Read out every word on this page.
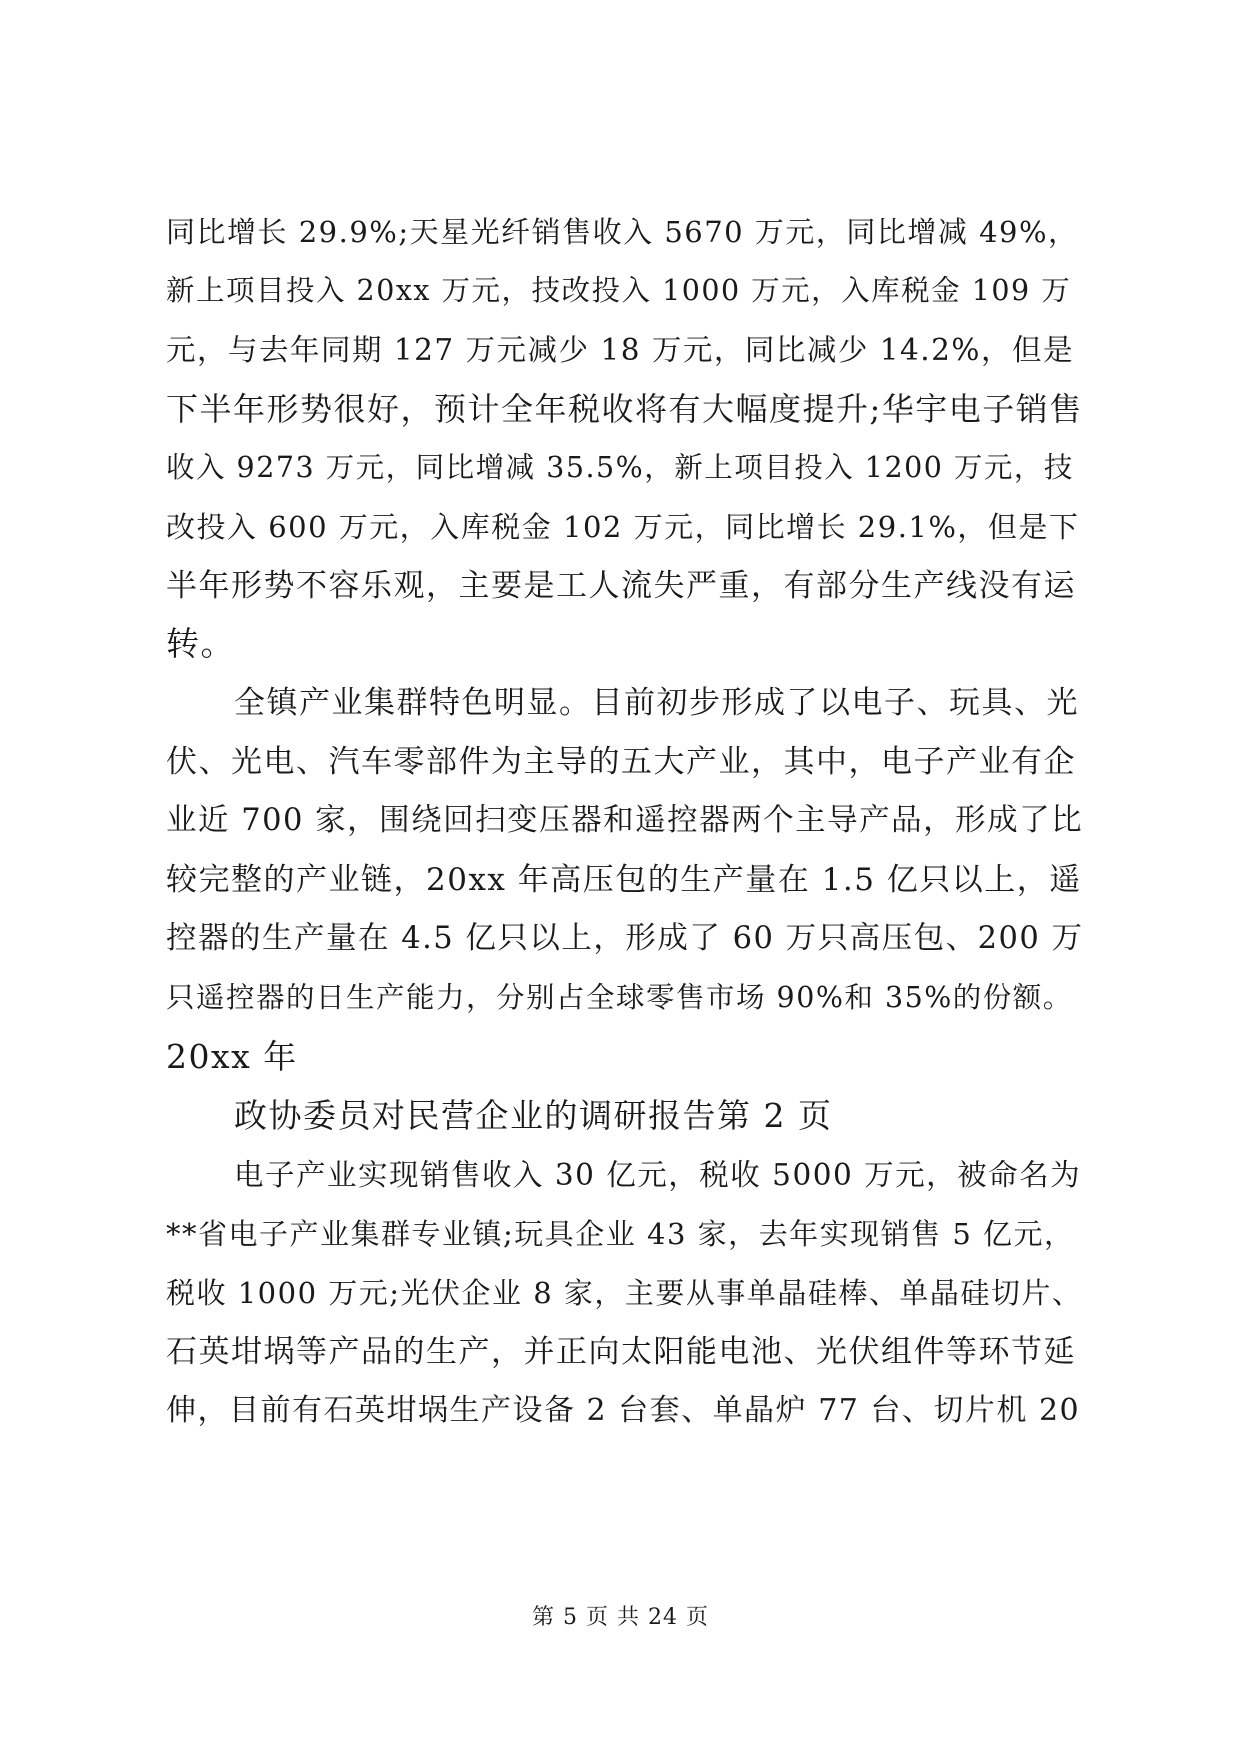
同比增长 29.9%;天星光纤销售收入 5670 万元，同比增减 49%，
新上项目投入 20xx 万元，技改投入 1000 万元，入库税金 109 万
元，与去年同期 127 万元减少 18 万元，同比减少 14.2%，但是
下半年形势很好，预计全年税收将有大幅度提升;华宇电子销售
收入 9273 万元，同比增减 35.5%，新上项目投入 1200 万元，技
改投入 600 万元，入库税金 102 万元，同比增长 29.1%，但是下
半年形势不容乐观，主要是工人流失严重，有部分生产线没有运
转。
全镇产业集群特色明显。目前初步形成了以电子、玩具、光
伏、光电、汽车零部件为主导的五大产业，其中，电子产业有企
业近 700 家，围绕回扫变压器和遥控器两个主导产品，形成了比
较完整的产业链，20xx 年高压包的生产量在 1.5 亿只以上，遥
控器的生产量在 4.5 亿只以上，形成了 60 万只高压包、200 万
只遥控器的日生产能力，分别占全球零售市场 90%和 35%的份额。
20xx 年
政协委员对民营企业的调研报告第 2 页
电子产业实现销售收入 30 亿元，税收 5000 万元，被命名为
**省电子产业集群专业镇;玩具企业 43 家，去年实现销售 5 亿元，
税收 1000 万元;光伏企业 8 家，主要从事单晶硅棒、单晶硅切片、
石英坩埚等产品的生产，并正向太阳能电池、光伏组件等环节延
伸，目前有石英坩埚生产设备 2 台套、单晶炉 77 台、切片机 20
第 5 页 共 24 页
